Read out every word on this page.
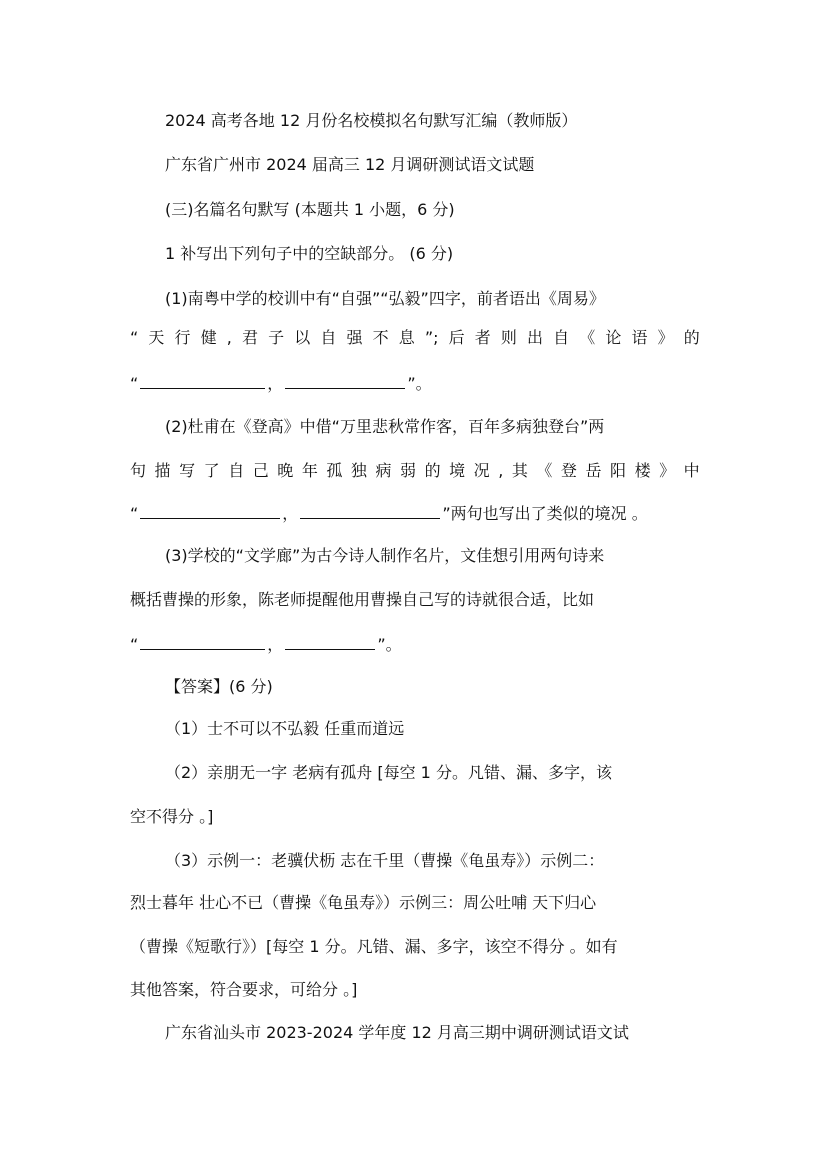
2024 高考各地 12 月份名校模拟名句默写汇编（教师版）
广东省广州市 2024 届高三 12 月调研测试语文试题
(三)名篇名句默写 (本题共 1 小题，6 分)
1 补写出下列句子中的空缺部分。 (6 分)
(1)南粤中学的校训中有“自强”“弘毅”四字，前者语出《周易》
“ 天 行 健 , 君 子 以 自 强 不 息 ”; 后 者 则 出 自 《 论 语 》 的
“	，	”。
(2)杜甫在《登高》中借“万里悲秋常作客，百年多病独登台”两
句 描 写 了 自 己 晚 年 孤 独 病 弱 的 境 况 , 其 《 登 岳 阳 楼 》 中
“	，	”两句也写出了类似的境况 。
(3)学校的“文学廊”为古今诗人制作名片，文佳想引用两句诗来
概括曹操的形象，陈老师提醒他用曹操自己写的诗就很合适，比如
“	，	”。
【答案】(6 分)
（1）士不可以不弘毅 任重而道远
（2）亲朋无一字 老病有孤舟 [每空 1 分。凡错、漏、多字，该
空不得分 。]
（3）示例一：老骥伏枥 志在千里（曹操《龟虽寿》）示例二：
烈士暮年 壮心不已（曹操《龟虽寿》）示例三：周公吐哺 天下归心
（曹操《短歌行》）[每空 1 分。凡错、漏、多字，该空不得分 。如有
其他答案，符合要求，可给分 。]
广东省汕头市 2023-2024 学年度 12 月高三期中调研测试语文试
